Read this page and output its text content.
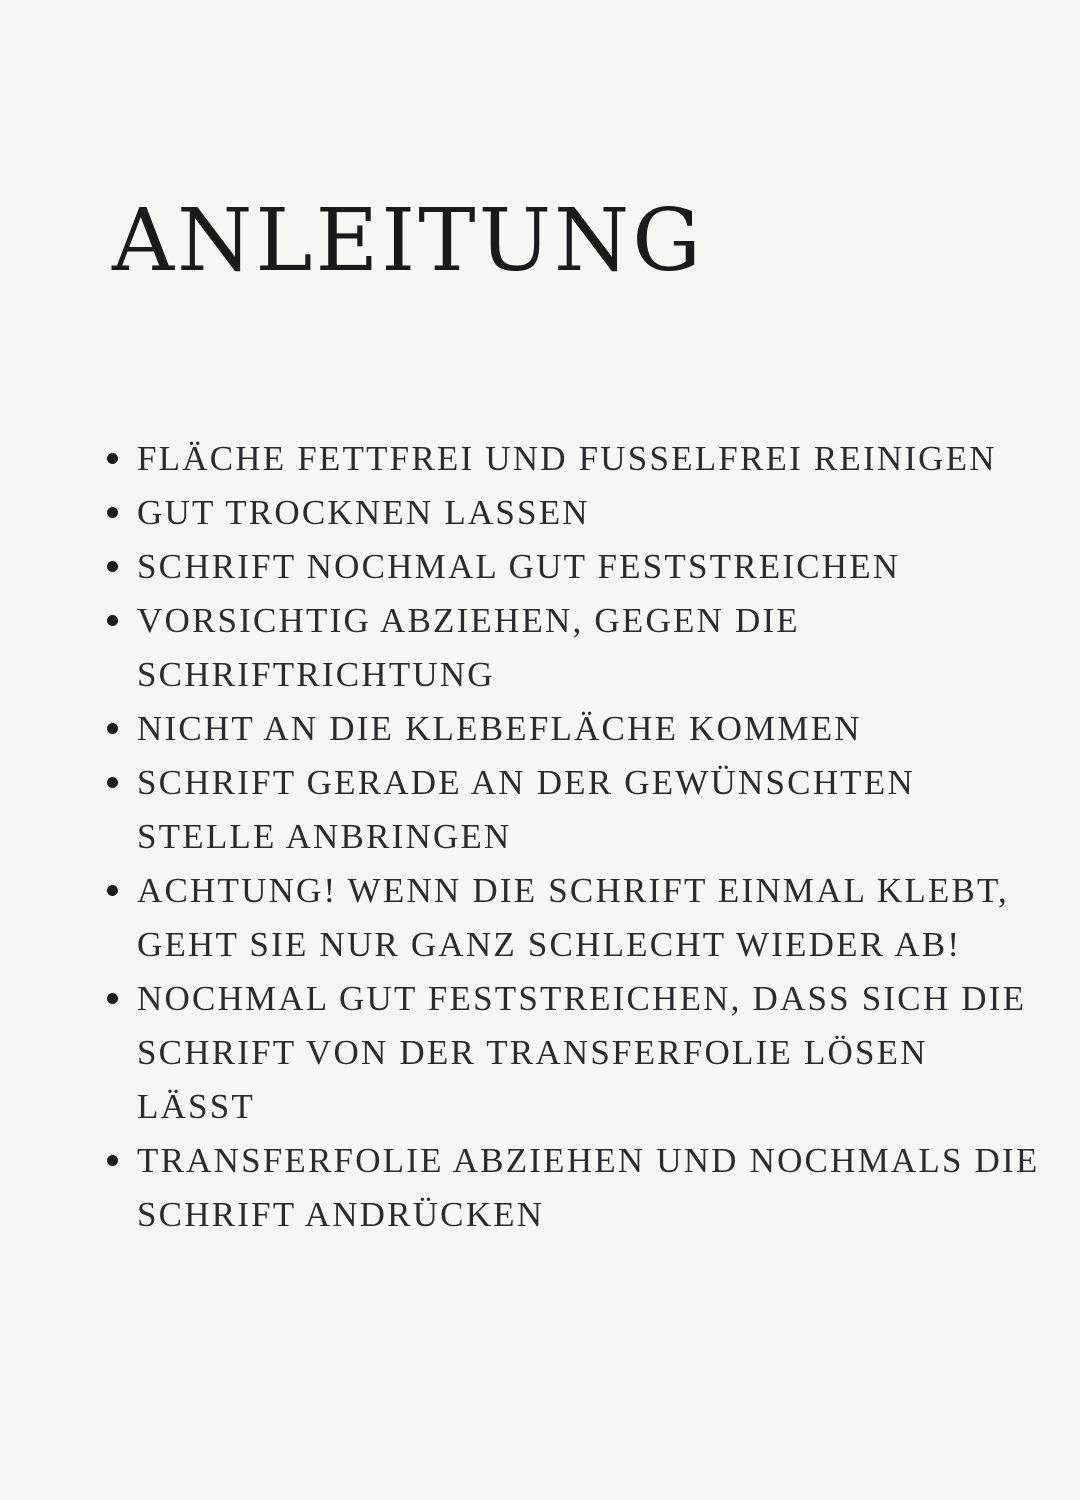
ANLEITUNG
FLÄCHE FETTFREI UND FUSSELFREI REINIGEN
GUT TROCKNEN LASSEN
SCHRIFT NOCHMAL GUT FESTSTREICHEN
VORSICHTIG ABZIEHEN, GEGEN DIE SCHRIFTRICHTUNG
NICHT AN DIE KLEBEFLÄCHE KOMMEN
SCHRIFT GERADE AN DER GEWÜNSCHTEN STELLE ANBRINGEN
ACHTUNG! WENN DIE SCHRIFT EINMAL KLEBT, GEHT SIE NUR GANZ SCHLECHT WIEDER AB!
NOCHMAL GUT FESTSTREICHEN, DASS SICH DIE SCHRIFT VON DER TRANSFERFOLIE LÖSEN LÄSST
TRANSFERFOLIE ABZIEHEN UND NOCHMALS DIE SCHRIFT ANDRÜCKEN
